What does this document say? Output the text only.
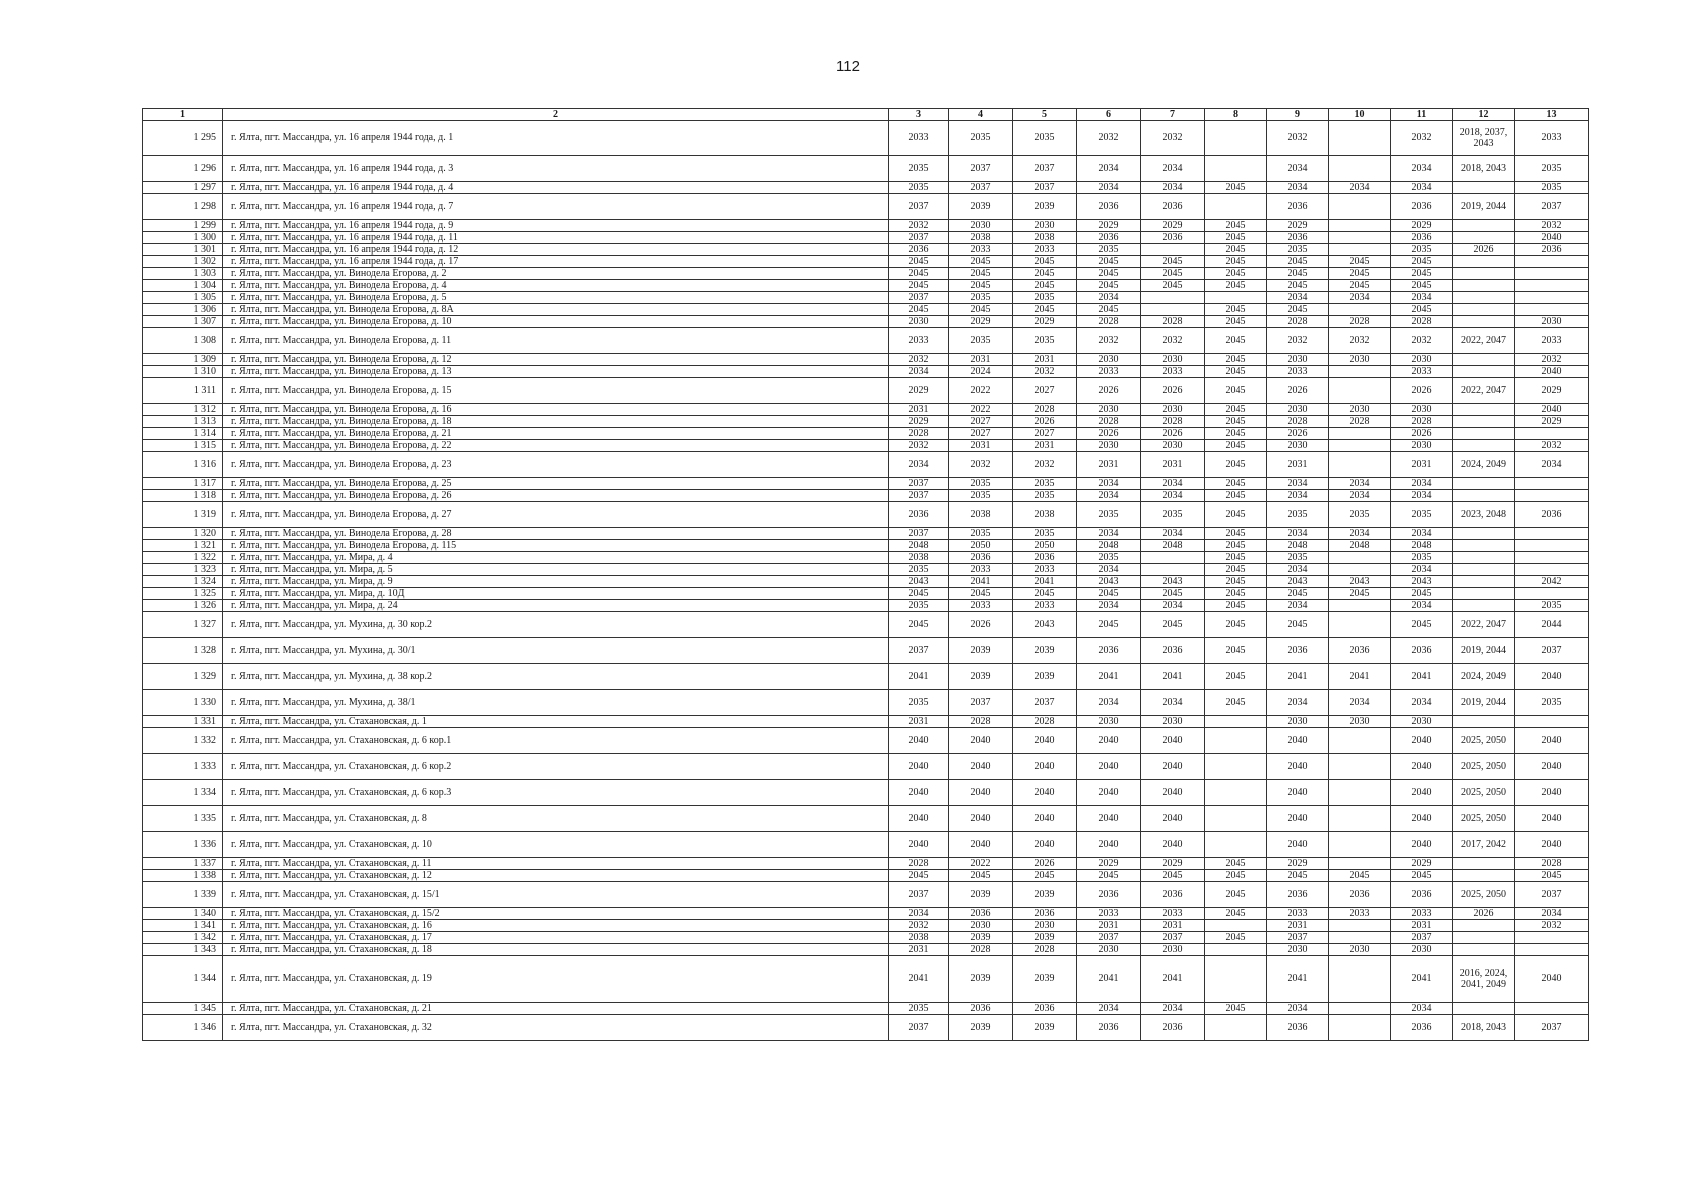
112
1	2	3	4	5	6	7	8	9	10	11	12	13
1 295	г. Ялта, пгт. Массандра, ул. 16 апреля 1944 года, д. 1	2033	2035	2035	2032	2032		2032		2032	2018, 2037, 2043	2033
1 296	г. Ялта, пгт. Массандра, ул. 16 апреля 1944 года, д. 3	2035	2037	2037	2034	2034		2034		2034	2018, 2043	2035
1 297	г. Ялта, пгт. Массандра, ул. 16 апреля 1944 года, д. 4	2035	2037	2037	2034	2034	2045	2034	2034	2034		2035
1 298	г. Ялта, пгт. Массандра, ул. 16 апреля 1944 года, д. 7	2037	2039	2039	2036	2036		2036		2036	2019, 2044	2037
1 299	г. Ялта, пгт. Массандра, ул. 16 апреля 1944 года, д. 9	2032	2030	2030	2029	2029	2045	2029		2029		2032
1 300	г. Ялта, пгт. Массандра, ул. 16 апреля 1944 года, д. 11	2037	2038	2038	2036	2036	2045	2036		2036		2040
1 301	г. Ялта, пгт. Массандра, ул. 16 апреля 1944 года, д. 12	2036	2033	2033	2035		2045	2035		2035	2026	2036
1 302	г. Ялта, пгт. Массандра, ул. 16 апреля 1944 года, д. 17	2045	2045	2045	2045	2045	2045	2045	2045	2045		
1 303	г. Ялта, пгт. Массандра, ул. Винодела Егорова, д. 2	2045	2045	2045	2045	2045	2045	2045	2045	2045		
1 304	г. Ялта, пгт. Массандра, ул. Винодела Егорова, д. 4	2045	2045	2045	2045	2045	2045	2045	2045	2045		
1 305	г. Ялта, пгт. Массандра, ул. Винодела Егорова, д. 5	2037	2035	2035	2034			2034	2034	2034		
1 306	г. Ялта, пгт. Массандра, ул. Винодела Егорова, д. 8А	2045	2045	2045	2045		2045	2045		2045		
1 307	г. Ялта, пгт. Массандра, ул. Винодела Егорова, д. 10	2030	2029	2029	2028	2028	2045	2028	2028	2028		2030
1 308	г. Ялта, пгт. Массандра, ул. Винодела Егорова, д. 11	2033	2035	2035	2032	2032	2045	2032	2032	2032	2022, 2047	2033
1 309	г. Ялта, пгт. Массандра, ул. Винодела Егорова, д. 12	2032	2031	2031	2030	2030	2045	2030	2030	2030		2032
1 310	г. Ялта, пгт. Массандра, ул. Винодела Егорова, д. 13	2034	2024	2032	2033	2033	2045	2033		2033		2040
1 311	г. Ялта, пгт. Массандра, ул. Винодела Егорова, д. 15	2029	2022	2027	2026	2026	2045	2026		2026	2022, 2047	2029
1 312	г. Ялта, пгт. Массандра, ул. Винодела Егорова, д. 16	2031	2022	2028	2030	2030	2045	2030	2030	2030		2040
1 313	г. Ялта, пгт. Массандра, ул. Винодела Егорова, д. 18	2029	2027	2026	2028	2028	2045	2028	2028	2028		2029
1 314	г. Ялта, пгт. Массандра, ул. Винодела Егорова, д. 21	2028	2027	2027	2026	2026	2045	2026		2026		
1 315	г. Ялта, пгт. Массандра, ул. Винодела Егорова, д. 22	2032	2031	2031	2030	2030	2045	2030		2030		2032
1 316	г. Ялта, пгт. Массандра, ул. Винодела Егорова, д. 23	2034	2032	2032	2031	2031	2045	2031		2031	2024, 2049	2034
1 317	г. Ялта, пгт. Массандра, ул. Винодела Егорова, д. 25	2037	2035	2035	2034	2034	2045	2034	2034	2034		
1 318	г. Ялта, пгт. Массандра, ул. Винодела Егорова, д. 26	2037	2035	2035	2034	2034	2045	2034	2034	2034		
1 319	г. Ялта, пгт. Массандра, ул. Винодела Егорова, д. 27	2036	2038	2038	2035	2035	2045	2035	2035	2035	2023, 2048	2036
1 320	г. Ялта, пгт. Массандра, ул. Винодела Егорова, д. 28	2037	2035	2035	2034	2034	2045	2034	2034	2034		
1 321	г. Ялта, пгт. Массандра, ул. Винодела Егорова, д. 115	2048	2050	2050	2048	2048	2045	2048	2048	2048		
1 322	г. Ялта, пгт. Массандра, ул. Мира, д. 4	2038	2036	2036	2035		2045	2035		2035		
1 323	г. Ялта, пгт. Массандра, ул. Мира, д. 5	2035	2033	2033	2034		2045	2034		2034		
1 324	г. Ялта, пгт. Массандра, ул. Мира, д. 9	2043	2041	2041	2043	2043	2045	2043	2043	2043		2042
1 325	г. Ялта, пгт. Массандра, ул. Мира, д. 10Д	2045	2045	2045	2045	2045	2045	2045	2045	2045		
1 326	г. Ялта, пгт. Массандра, ул. Мира, д. 24	2035	2033	2033	2034	2034	2045	2034		2034		2035
1 327	г. Ялта, пгт. Массандра, ул. Мухина, д. 30 кор.2	2045	2026	2043	2045	2045	2045	2045		2045	2022, 2047	2044
1 328	г. Ялта, пгт. Массандра, ул. Мухина, д. 30/1	2037	2039	2039	2036	2036	2045	2036	2036	2036	2019, 2044	2037
1 329	г. Ялта, пгт. Массандра, ул. Мухина, д. 38 кор.2	2041	2039	2039	2041	2041	2045	2041	2041	2041	2024, 2049	2040
1 330	г. Ялта, пгт. Массандра, ул. Мухина, д. 38/1	2035	2037	2037	2034	2034	2045	2034	2034	2034	2019, 2044	2035
1 331	г. Ялта, пгт. Массандра, ул. Стахановская, д. 1	2031	2028	2028	2030	2030		2030	2030	2030		
1 332	г. Ялта, пгт. Массандра, ул. Стахановская, д. 6 кор.1	2040	2040	2040	2040	2040		2040		2040	2025, 2050	2040
1 333	г. Ялта, пгт. Массандра, ул. Стахановская, д. 6 кор.2	2040	2040	2040	2040	2040		2040		2040	2025, 2050	2040
1 334	г. Ялта, пгт. Массандра, ул. Стахановская, д. 6 кор.3	2040	2040	2040	2040	2040		2040		2040	2025, 2050	2040
1 335	г. Ялта, пгт. Массандра, ул. Стахановская, д. 8	2040	2040	2040	2040	2040		2040		2040	2025, 2050	2040
1 336	г. Ялта, пгт. Массандра, ул. Стахановская, д. 10	2040	2040	2040	2040	2040		2040		2040	2017, 2042	2040
1 337	г. Ялта, пгт. Массандра, ул. Стахановская, д. 11	2028	2022	2026	2029	2029	2045	2029		2029		2028
1 338	г. Ялта, пгт. Массандра, ул. Стахановская, д. 12	2045	2045	2045	2045	2045	2045	2045	2045	2045		2045
1 339	г. Ялта, пгт. Массандра, ул. Стахановская, д. 15/1	2037	2039	2039	2036	2036	2045	2036	2036	2036	2025, 2050	2037
1 340	г. Ялта, пгт. Массандра, ул. Стахановская, д. 15/2	2034	2036	2036	2033	2033	2045	2033	2033	2033	2026	2034
1 341	г. Ялта, пгт. Массандра, ул. Стахановская, д. 16	2032	2030	2030	2031	2031		2031		2031		2032
1 342	г. Ялта, пгт. Массандра, ул. Стахановская, д. 17	2038	2039	2039	2037	2037	2045	2037		2037		
1 343	г. Ялта, пгт. Массандра, ул. Стахановская, д. 18	2031	2028	2028	2030	2030		2030	2030	2030		
1 344	г. Ялта, пгт. Массандра, ул. Стахановская, д. 19	2041	2039	2039	2041	2041		2041		2041	2016, 2024, 2041, 2049	2040
1 345	г. Ялта, пгт. Массандра, ул. Стахановская, д. 21	2035	2036	2036	2034	2034	2045	2034		2034		
1 346	г. Ялта, пгт. Массандра, ул. Стахановская, д. 32	2037	2039	2039	2036	2036		2036		2036	2018, 2043	2037
